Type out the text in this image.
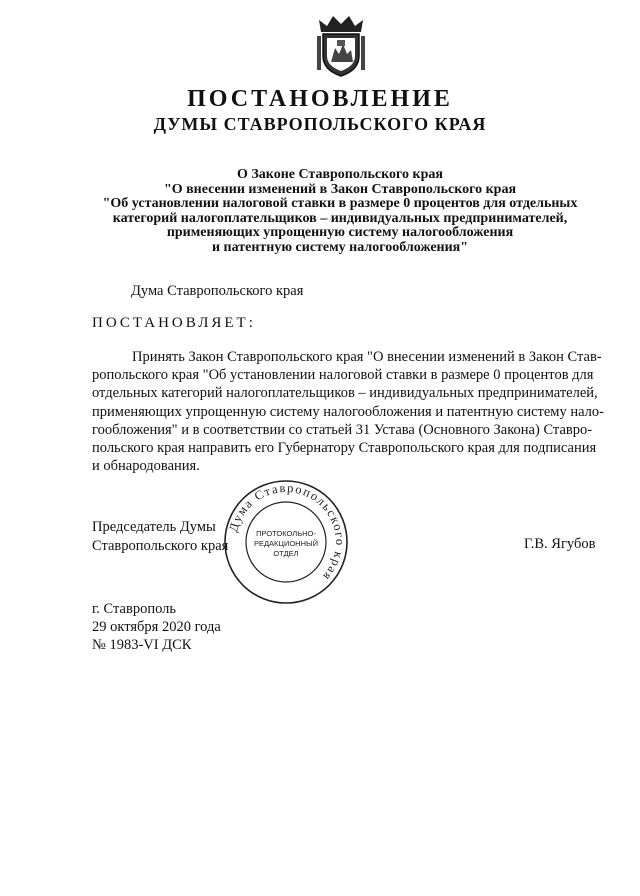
ПОСТАНОВЛЕНИЕ
ДУМЫ СТАВРОПОЛЬСКОГО КРАЯ
О Законе Ставропольского края
"О внесении изменений в Закон Ставропольского края
"Об установлении налоговой ставки в размере 0 процентов для отдельных
категорий налогоплательщиков – индивидуальных предпринимателей,
применяющих упрощенную систему налогообложения
и патентную систему налогообложения"
Дума Ставропольского края
ПОСТАНОВЛЯЕТ:
Принять Закон Ставропольского края "О внесении изменений в Закон Став-
ропольского края "Об установлении налоговой ставки в размере 0 процентов для
отдельных категорий налогоплательщиков – индивидуальных предпринимателей,
применяющих упрощенную систему налогообложения и патентную систему нало-
гообложения" и в соответствии со статьей 31 Устава (Основного Закона) Ставро-
польского края направить его Губернатору Ставропольского края для подписания
и обнародования.
Председатель Думы
Ставропольского края	Г.В. Ягубов
Дума Ставропольского края
ПРОТОКОЛЬНО-
РЕДАКЦИОННЫЙ
ОТДЕЛ
г. Ставрополь
29 октября 2020 года
№ 1983-VI ДСК
